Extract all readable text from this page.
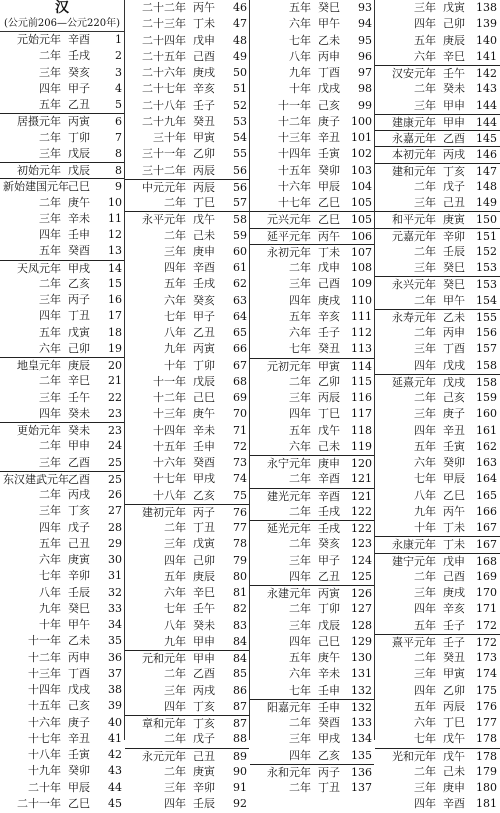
汉
(公元前206—公元220年)
元始元年 辛酉	1
二年 壬戌	2
三年 癸亥	3
四年 甲子	4
五年 乙丑	5
居摄元年 丙寅	6
二年 丁卯	7
三年 戊辰	8
初始元年 戊辰	8
新始建国元年 己巳	9
二年 庚午	10
三年 辛未	11
四年 壬申	12
五年 癸酉	13
天凤元年 甲戌	14
二年 乙亥	15
三年 丙子	16
四年 丁丑	17
五年 戊寅	18
六年 己卯	19
地皇元年 庚辰	20
二年 辛巳	21
三年 壬午	22
四年 癸未	23
更始元年 癸未	23
二年 甲申	24
三年 乙酉	25
东汉建武元年 乙酉	25
二年 丙戌	26
三年 丁亥	27
四年 戊子	28
五年 己丑	29
六年 庚寅	30
七年 辛卯	31
八年 壬辰	32
九年 癸巳	33
十年 甲午	34
十一年 乙未	35
十二年 丙申	36
十三年 丁酉	37
十四年 戊戌	38
十五年 己亥	39
十六年 庚子	40
十七年 辛丑	41
十八年 壬寅	42
十九年 癸卯	43
二十年 甲辰	44
二十一年 乙巳	45
二十二年 丙午	46
二十三年 丁未	47
二十四年 戊申	48
二十五年 己酉	49
二十六年 庚戌	50
二十七年 辛亥	51
二十八年 壬子	52
二十九年 癸丑	53
三十年 甲寅	54
三十一年 乙卯	55
三十二年 丙辰	56
中元元年 丙辰	56
二年 丁巳	57
永平元年 戊午	58
二年 己未	59
三年 庚申	60
四年 辛酉	61
五年 壬戌	62
六年 癸亥	63
七年 甲子	64
八年 乙丑	65
九年 丙寅	66
十年 丁卯	67
十一年 戊辰	68
十二年 己巳	69
十三年 庚午	70
十四年 辛未	71
十五年 壬申	72
十六年 癸酉	73
十七年 甲戌	74
十八年 乙亥	75
建初元年 丙子	76
二年 丁丑	77
三年 戊寅	78
四年 己卯	79
五年 庚辰	80
六年 辛巳	81
七年 壬午	82
八年 癸未	83
九年 甲申	84
元和元年 甲申	84
二年 乙酉	85
三年 丙戌	86
四年 丁亥	87
章和元年 丁亥	87
二年 戊子	88
永元元年 己丑	89
二年 庚寅	90
三年 辛卯	91
四年 壬辰	92
五年 癸巳	93
六年 甲午	94
七年 乙未	95
八年 丙申	96
九年 丁酉	97
十年 戊戌	98
十一年 己亥	99
十二年 庚子	100
十三年 辛丑	101
十四年 壬寅	102
十五年 癸卯	103
十六年 甲辰	104
十七年 乙巳	105
元兴元年 乙巳	105
延平元年 丙午	106
永初元年 丁未	107
二年 戊申	108
三年 己酉	109
四年 庚戌	110
五年 辛亥	111
六年 壬子	112
七年 癸丑	113
元初元年 甲寅	114
二年 乙卯	115
三年 丙辰	116
四年 丁巳	117
五年 戊午	118
六年 己未	119
永宁元年 庚申	120
二年 辛酉	121
建光元年 辛酉	121
二年 壬戌	122
延光元年 壬戌	122
二年 癸亥	123
三年 甲子	124
四年 乙丑	125
永建元年 丙寅	126
二年 丁卯	127
三年 戊辰	128
四年 己巳	129
五年 庚午	130
六年 辛未	131
七年 壬申	132
阳嘉元年 壬申	132
二年 癸酉	133
三年 甲戌	134
四年 乙亥	135
永和元年 丙子	136
二年 丁丑	137
三年 戊寅	138
四年 己卯	139
五年 庚辰	140
六年 辛巳	141
汉安元年 壬午	142
二年 癸未	143
三年 甲申	144
建康元年 甲申	144
永嘉元年 乙酉	145
本初元年 丙戌	146
建和元年 丁亥	147
二年 戊子	148
三年 己丑	149
和平元年 庚寅	150
元嘉元年 辛卯	151
二年 壬辰	152
三年 癸巳	153
永兴元年 癸巳	153
二年 甲午	154
永寿元年 乙未	155
二年 丙申	156
三年 丁酉	157
四年 戊戌	158
延熹元年 戊戌	158
二年 己亥	159
三年 庚子	160
四年 辛丑	161
五年 壬寅	162
六年 癸卯	163
七年 甲辰	164
八年 乙巳	165
九年 丙午	166
十年 丁未	167
永康元年 丁未	167
建宁元年 戊申	168
二年 己酉	169
三年 庚戌	170
四年 辛亥	171
五年 壬子	172
熹平元年 壬子	172
二年 癸丑	173
三年 甲寅	174
四年 乙卯	175
五年 丙辰	176
六年 丁巳	177
七年 戊午	178
光和元年 戊午	178
二年 己未	179
三年 庚申	180
四年 辛酉	181
